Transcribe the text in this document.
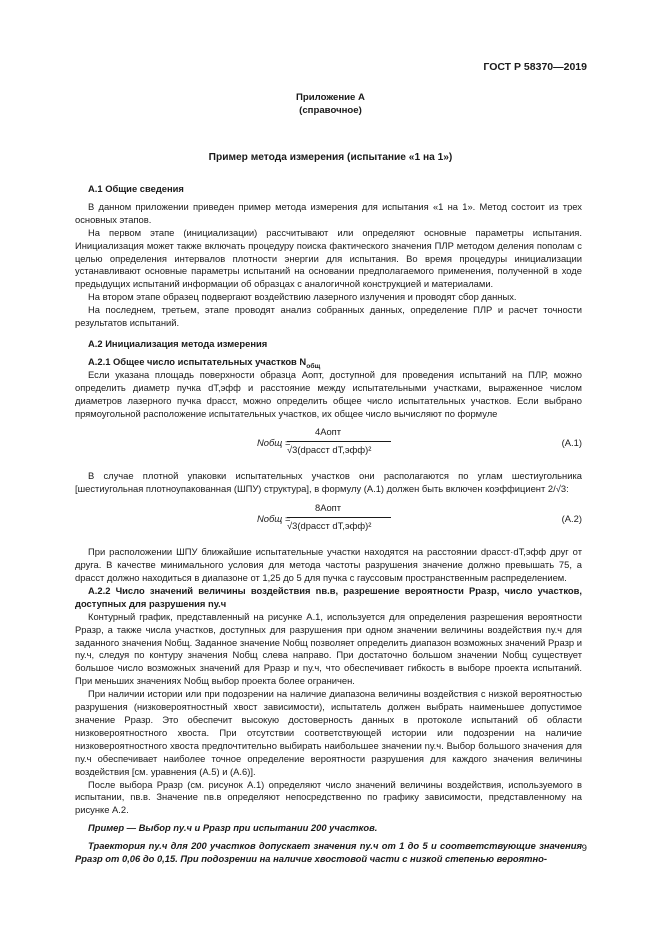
ГОСТ Р 58370—2019
Приложение А
(справочное)
Пример метода измерения (испытание «1 на 1»)

А.1 Общие сведения

В данном приложении приведен пример метода измерения для испытания «1 на 1». Метод состоит из трех основных этапов.

На первом этапе (инициализации) рассчитывают или определяют основные параметры испытания. Инициализация может также включать процедуру поиска фактического значения ПЛР методом деления пополам с целью определения интервалов плотности энергии для испытания. Во время процедуры инициализации устанавливают основные параметры испытаний на основании предполагаемого применения, полученной в ходе предыдущих испытаний информации об образцах с аналогичной конструкцией и материалами.

На втором этапе образец подвергают воздействию лазерного излучения и проводят сбор данных.

На последнем, третьем, этапе проводят анализ собранных данных, определение ПЛР и расчет точности результатов испытаний.

А.2 Инициализация метода измерения

А.2.1 Общее число испытательных участков $N_{общ}$

Если указана площадь поверхности образца Aопт, доступной для проведения испытаний на ПЛР, можно определить диаметр пучка dT,эфф и расстояние между испытательными участками, выраженное числом диаметров лазерного пучка dрасст, можно определить общее число испытательных участков. Если выбрано прямоугольной расположение испытательных участков, их общее число вычисляют по формуле

Nобщ =
4Aопт
√3(dрасст dT,эфф)²
(А.1)

В случае плотной упаковки испытательных участков они располагаются по углам шестиугольника [шестиугольная плотноупакованная (ШПУ) структура], в формулу (А.1) должен быть включен коэффициент 2/√3:

Nобщ =
8Aопт
√3(dрасст dT,эфф)²
(А.2)

При расположении ШПУ ближайшие испытательные участки находятся на расстоянии dрасст·dT,эфф друг от друга. В качестве минимального условия для метода частоты разрушения значение должно превышать 75, а dрасст должно находиться в диапазоне от 1,25 до 5 для пучка с гауссовым пространственным распределением.

А.2.2 Число значений величины воздействия nв.в, разрешение вероятности Pразр, число участков, доступных для разрушения nу.ч

Контурный график, представленный на рисунке А.1, используется для определения разрешения вероятности Pразр, а также числа участков, доступных для разрушения при одном значении величины воздействия nу.ч для заданного значения Nобщ. Заданное значение Nобщ позволяет определить диапазон возможных значений Pразр и nу.ч, следуя по контуру значения Nобщ слева направо. При достаточно большом значении Nобщ существует большое число возможных значений для Pразр и nу.ч, что обеспечивает гибкость в выборе проекта испытаний. При меньших значениях Nобщ выбор проекта более ограничен.

При наличии истории или при подозрении на наличие диапазона величины воздействия с низкой вероятностью разрушения (низковероятностный хвост зависимости), испытатель должен выбрать наименьшее допустимое значение Pразр. Это обеспечит высокую достоверность данных в протоколе испытаний об области низковероятностного хвоста. При отсутствии соответствующей истории или подозрении на наличие низковероятностного хвоста предпочтительно выбирать наибольшее значении nу.ч. Выбор большого значения для nу.ч обеспечивает наиболее точное определение вероятности разрушения для каждого значения величины воздействия [см. уравнения (А.5) и (А.6)].

После выбора Pразр (см. рисунок А.1) определяют число значений величины воздействия, используемого в испытании, nв.в. Значение nв.в определяют непосредственно по графику зависимости, представленному на рисунке А.2.

Пример — Выбор nу.ч и Pразр при испытании 200 участков.

Траектория nу.ч для 200 участков допускает значения nу.ч от 1 до 5 и соответствующие значения Pразр от 0,06 до 0,15. При подозрении на наличие хвостовой части с низкой степенью вероятно-

9
